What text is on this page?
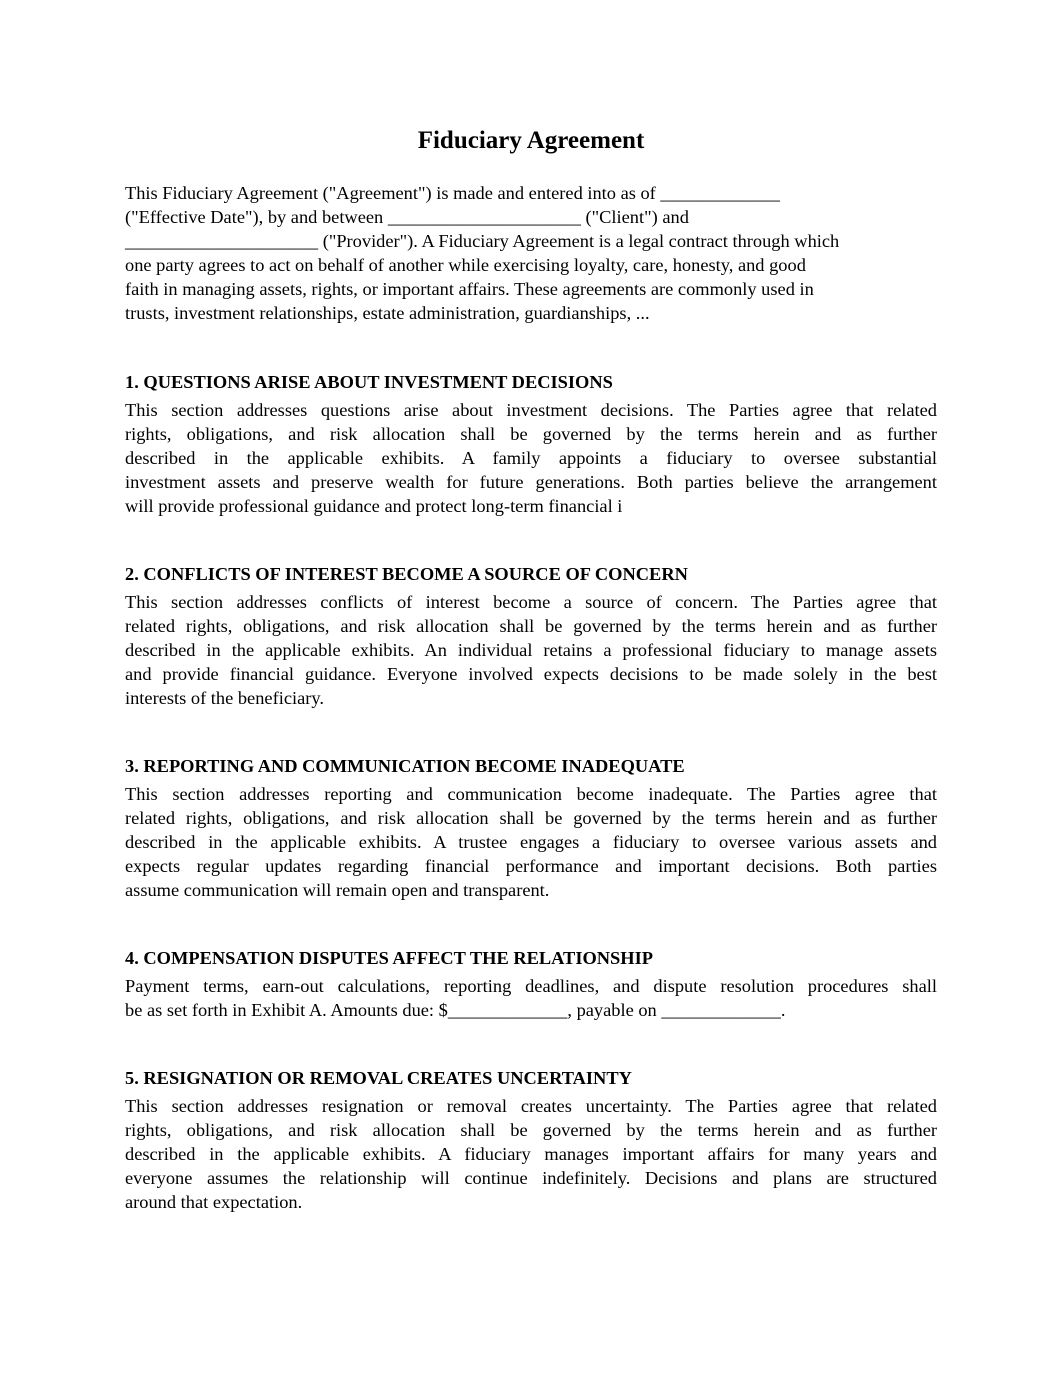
Fiduciary Agreement
This Fiduciary Agreement ("Agreement") is made and entered into as of _____________
("Effective Date"), by and between _____________________ ("Client") and
_____________________ ("Provider"). A Fiduciary Agreement is a legal contract through which
one party agrees to act on behalf of another while exercising loyalty, care, honesty, and good
faith in managing assets, rights, or important affairs. These agreements are commonly used in
trusts, investment relationships, estate administration, guardianships, ...
1. QUESTIONS ARISE ABOUT INVESTMENT DECISIONS
This section addresses questions arise about investment decisions. The Parties agree that related
rights, obligations, and risk allocation shall be governed by the terms herein and as further
described in the applicable exhibits. A family appoints a fiduciary to oversee substantial
investment assets and preserve wealth for future generations. Both parties believe the arrangement
will provide professional guidance and protect long-term financial i
2. CONFLICTS OF INTEREST BECOME A SOURCE OF CONCERN
This section addresses conflicts of interest become a source of concern. The Parties agree that
related rights, obligations, and risk allocation shall be governed by the terms herein and as further
described in the applicable exhibits. An individual retains a professional fiduciary to manage assets
and provide financial guidance. Everyone involved expects decisions to be made solely in the best
interests of the beneficiary.
3. REPORTING AND COMMUNICATION BECOME INADEQUATE
This section addresses reporting and communication become inadequate. The Parties agree that
related rights, obligations, and risk allocation shall be governed by the terms herein and as further
described in the applicable exhibits. A trustee engages a fiduciary to oversee various assets and
expects regular updates regarding financial performance and important decisions. Both parties
assume communication will remain open and transparent.
4. COMPENSATION DISPUTES AFFECT THE RELATIONSHIP
Payment terms, earn-out calculations, reporting deadlines, and dispute resolution procedures shall
be as set forth in Exhibit A. Amounts due: $_____________, payable on _____________.
5. RESIGNATION OR REMOVAL CREATES UNCERTAINTY
This section addresses resignation or removal creates uncertainty. The Parties agree that related
rights, obligations, and risk allocation shall be governed by the terms herein and as further
described in the applicable exhibits. A fiduciary manages important affairs for many years and
everyone assumes the relationship will continue indefinitely. Decisions and plans are structured
around that expectation.
